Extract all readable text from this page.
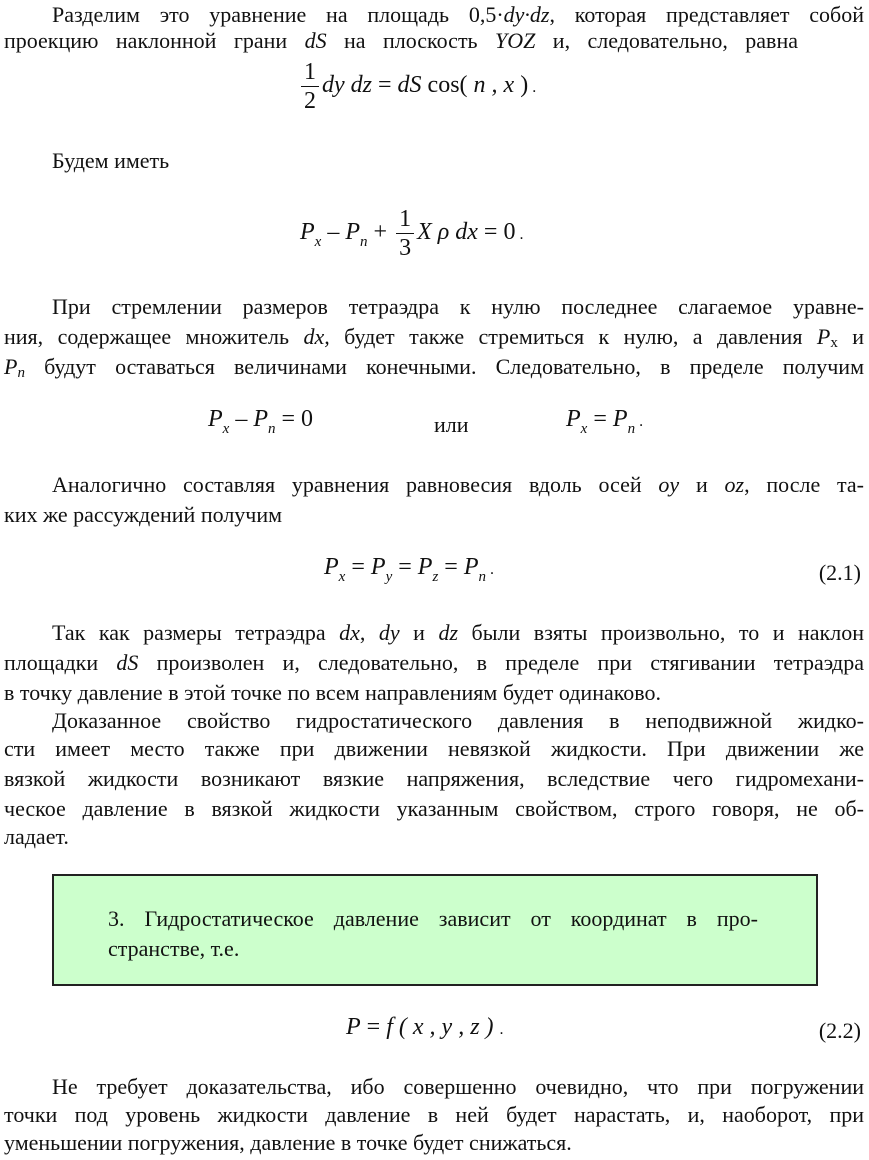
Разделим это уравнение на площадь 0,5·dy·dz, которая представляет собой
проекцию наклонной грани dS на плоскость YOZ и, следовательно, равна
$\frac{1}{2}$ dy dz = dS cos( n , x ) .
Будем иметь
$P_x - P_n + \frac{1}{3}$ X ρ dx = 0 .
При стремлении размеров тетраэдра к нулю последнее слагаемое уравне-
ния, содержащее множитель dx, будет также стремиться к нулю, а давления Px и
Pn будут оставаться величинами конечными. Следовательно, в пределе получим
$P_x - P_n = 0$	или	$P_x = P_n$ .
Аналогично составляя уравнения равновесия вдоль осей oy и oz, после та-
ких же рассуждений получим
$P_x = P_y = P_z = P_n$ .	(2.1)
Так как размеры тетраэдра dx, dy и dz были взяты произвольно, то и наклон
площадки dS произволен и, следовательно, в пределе при стягивании тетраэдра
в точку давление в этой точке по всем направлениям будет одинаково.
Доказанное свойство гидростатического давления в неподвижной жидко-
сти имеет место также при движении невязкой жидкости. При движении же
вязкой жидкости возникают вязкие напряжения, вследствие чего гидромехани-
ческое давление в вязкой жидкости указанным свойством, строго говоря, не об-
ладает.
3. Гидростатическое давление зависит от координат в про-
странстве, т.е.
P = f ( x , y , z ) .	(2.2)
Не требует доказательства, ибо совершенно очевидно, что при погружении
точки под уровень жидкости давление в ней будет нарастать, и, наоборот, при
уменьшении погружения, давление в точке будет снижаться.
